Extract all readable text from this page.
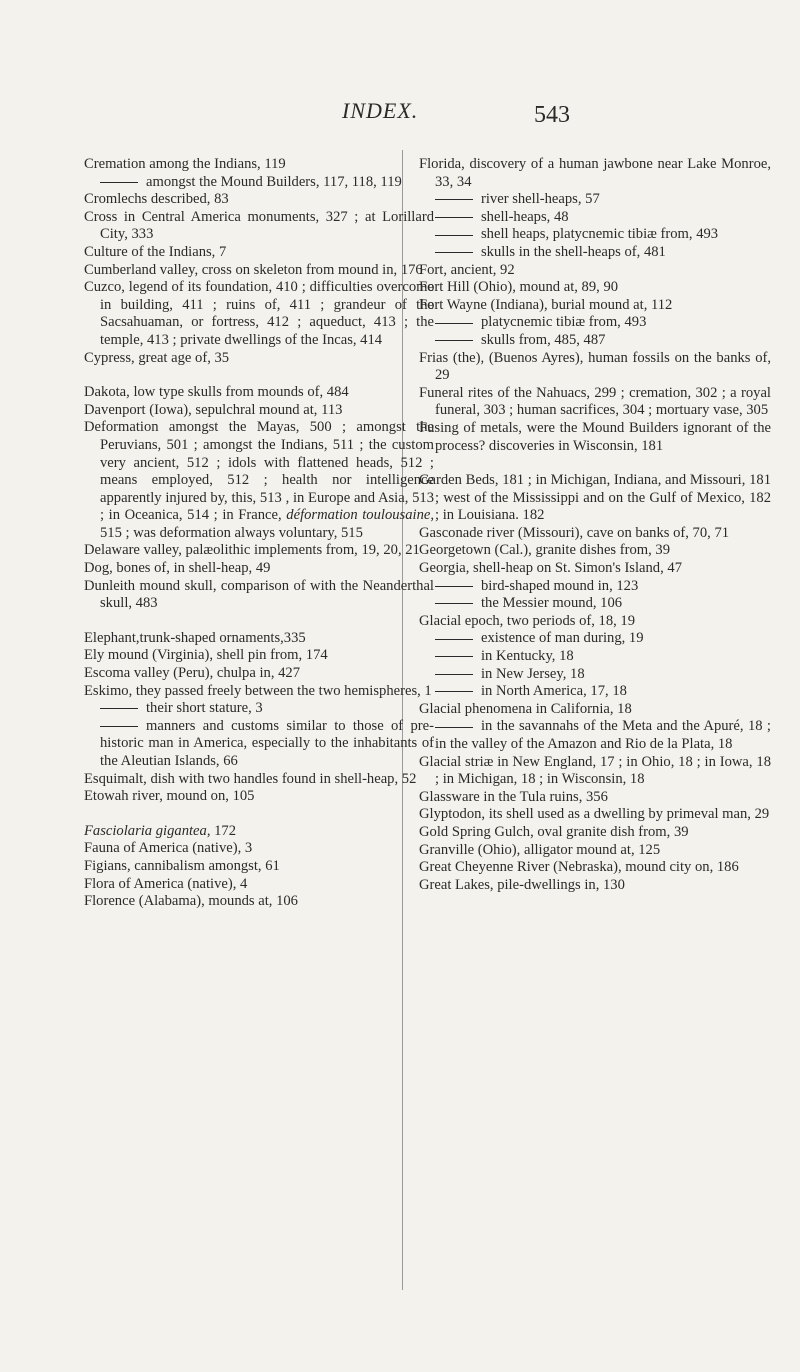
INDEX.	543
Cremation among the Indians, 119
amongst the Mound Builders, 117, 118, 119
Cromlechs described, 83
Cross in Central America monuments, 327 ; at Lorillard City, 333
Culture of the Indians, 7
Cumberland valley, cross on skeleton from mound in, 176
Cuzco, legend of its foundation, 410 ; difficulties overcome in building, 411 ; ruins of, 411 ; grandeur of the Sacsahuaman, or fortress, 412 ; aqueduct, 413 ; the temple, 413 ; private dwellings of the Incas, 414
Cypress, great age of, 35
Dakota, low type skulls from mounds of, 484
Davenport (Iowa), sepulchral mound at, 113
Deformation amongst the Mayas, 500 ; amongst the Peruvians, 501 ; amongst the Indians, 511 ; the custom very ancient, 512 ; idols with flattened heads, 512 ; means employed, 512 ; health nor intelligence apparently injured by, this, 513 , in Europe and Asia, 513 ; in Oceanica, 514 ; in France, déformation toulousaine, 515 ; was deformation always voluntary, 515
Delaware valley, palæolithic implements from, 19, 20, 21
Dog, bones of, in shell-heap, 49
Dunleith mound skull, comparison of with the Neanderthal skull, 483
Elephant,trunk-shaped ornaments,335
Ely mound (Virginia), shell pin from, 174
Escoma valley (Peru), chulpa in, 427
Eskimo, they passed freely between the two hemispheres, 1
their short stature, 3
manners and customs similar to those of pre-historic man in America, especially to the inhabitants of the Aleutian Islands, 66
Esquimalt, dish with two handles found in shell-heap, 52
Etowah river, mound on, 105
Fasciolaria gigantea, 172
Fauna of America (native), 3
Figians, cannibalism amongst, 61
Flora of America (native), 4
Florence (Alabama), mounds at, 106
Florida, discovery of a human jawbone near Lake Monroe, 33, 34
river shell-heaps, 57
shell-heaps, 48
shell heaps, platycnemic tibiæ from, 493
skulls in the shell-heaps of, 481
Fort, ancient, 92
Fort Hill (Ohio), mound at, 89, 90
Fort Wayne (Indiana), burial mound at, 112
platycnemic tibiæ from, 493
skulls from, 485, 487
Frias (the), (Buenos Ayres), human fossils on the banks of, 29
Funeral rites of the Nahuacs, 299 ; cremation, 302 ; a royal funeral, 303 ; human sacrifices, 304 ; mortuary vase, 305
Fusing of metals, were the Mound Builders ignorant of the process? discoveries in Wisconsin, 181
Garden Beds, 181 ; in Michigan, Indiana, and Missouri, 181 ; west of the Mississippi and on the Gulf of Mexico, 182 ; in Louisiana. 182
Gasconade river (Missouri), cave on banks of, 70, 71
Georgetown (Cal.), granite dishes from, 39
Georgia, shell-heap on St. Simon's Island, 47
bird-shaped mound in, 123
the Messier mound, 106
Glacial epoch, two periods of, 18, 19
existence of man during, 19
in Kentucky, 18
in New Jersey, 18
in North America, 17, 18
Glacial phenomena in California, 18
in the savannahs of the Meta and the Apuré, 18 ; in the valley of the Amazon and Rio de la Plata, 18
Glacial striæ in New England, 17 ; in Ohio, 18 ; in Iowa, 18 ; in Michigan, 18 ; in Wisconsin, 18
Glassware in the Tula ruins, 356
Glyptodon, its shell used as a dwelling by primeval man, 29
Gold Spring Gulch, oval granite dish from, 39
Granville (Ohio), alligator mound at, 125
Great Cheyenne River (Nebraska), mound city on, 186
Great Lakes, pile-dwellings in, 130
